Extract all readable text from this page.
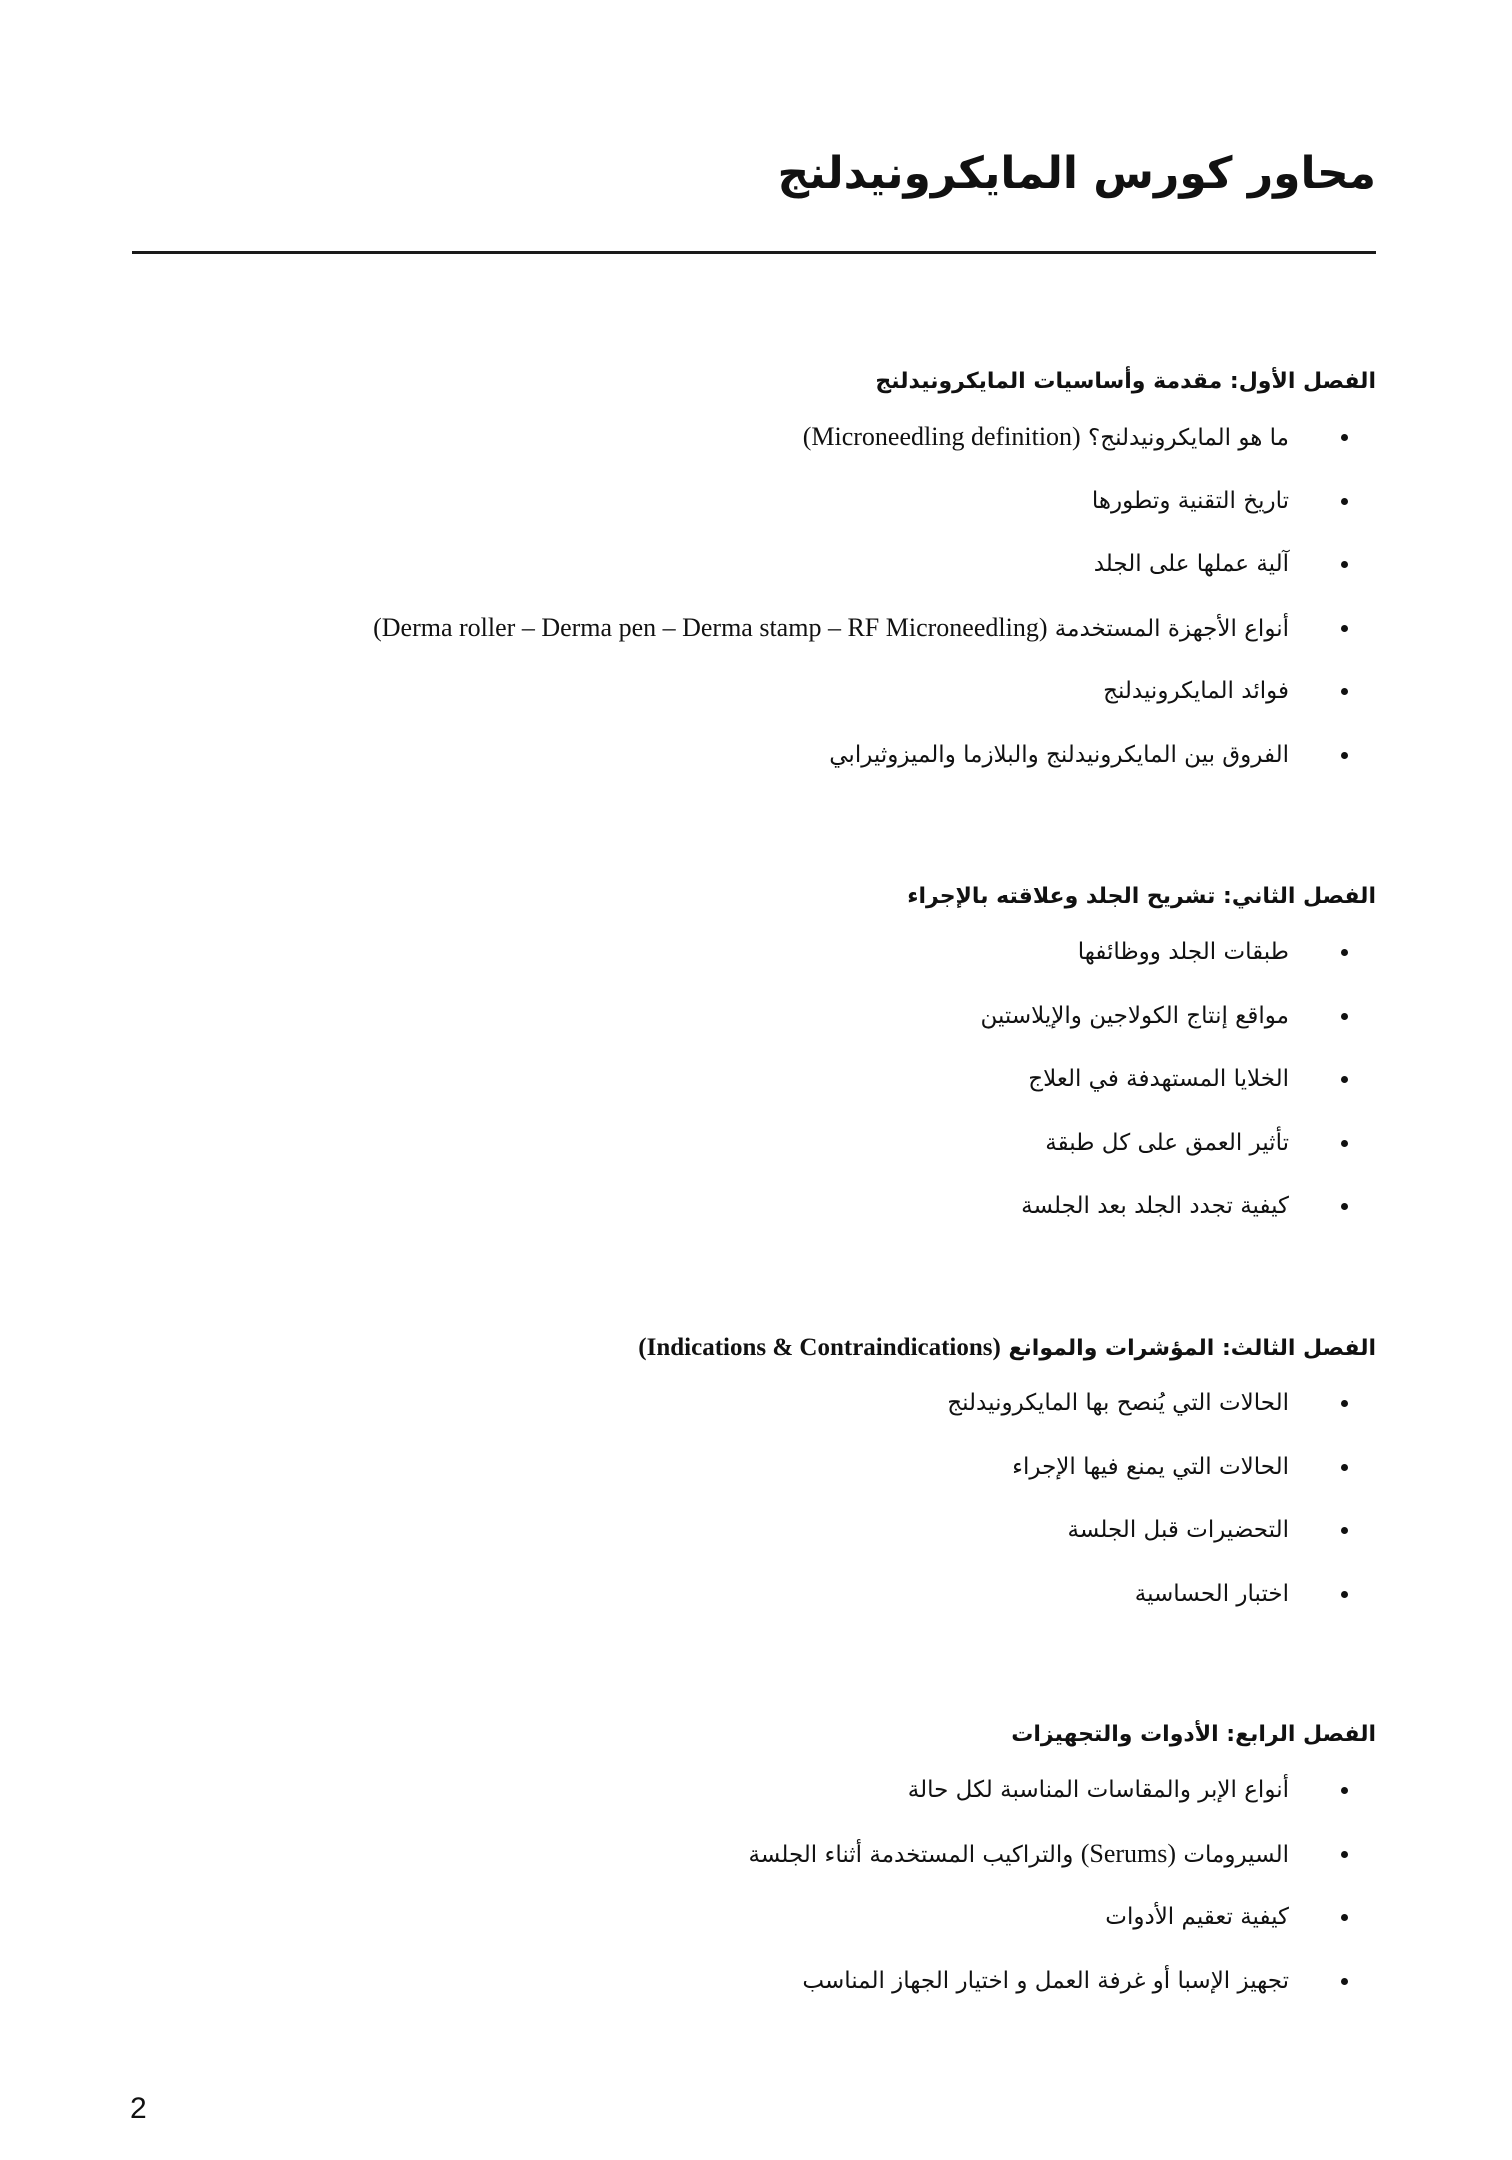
محاور كورس المايكرونيدلنج
الفصل الأول: مقدمة وأساسيات المايكرونيدلنج
ما هو المايكرونيدلنج؟ (Microneedling definition)
تاريخ التقنية وتطورها
آلية عملها على الجلد
أنواع الأجهزة المستخدمة (Derma roller – Derma pen – Derma stamp – RF Microneedling)
فوائد المايكرونيدلنج
الفروق بين المايكرونيدلنج والبلازما والميزوثيرابي
الفصل الثاني: تشريح الجلد وعلاقته بالإجراء
طبقات الجلد ووظائفها
مواقع إنتاج الكولاجين والإيلاستين
الخلايا المستهدفة في العلاج
تأثير العمق على كل طبقة
كيفية تجدد الجلد بعد الجلسة
الفصل الثالث: المؤشرات والموانع (Indications & Contraindications)
الحالات التي يُنصح بها المايكرونيدلنج
الحالات التي يمنع فيها الإجراء
التحضيرات قبل الجلسة
اختبار الحساسية
الفصل الرابع: الأدوات والتجهيزات
أنواع الإبر والمقاسات المناسبة لكل حالة
السيرومات (Serums) والتراكيب المستخدمة أثناء الجلسة
كيفية تعقيم الأدوات
تجهيز الإسبا أو غرفة العمل و اختيار الجهاز المناسب
2
